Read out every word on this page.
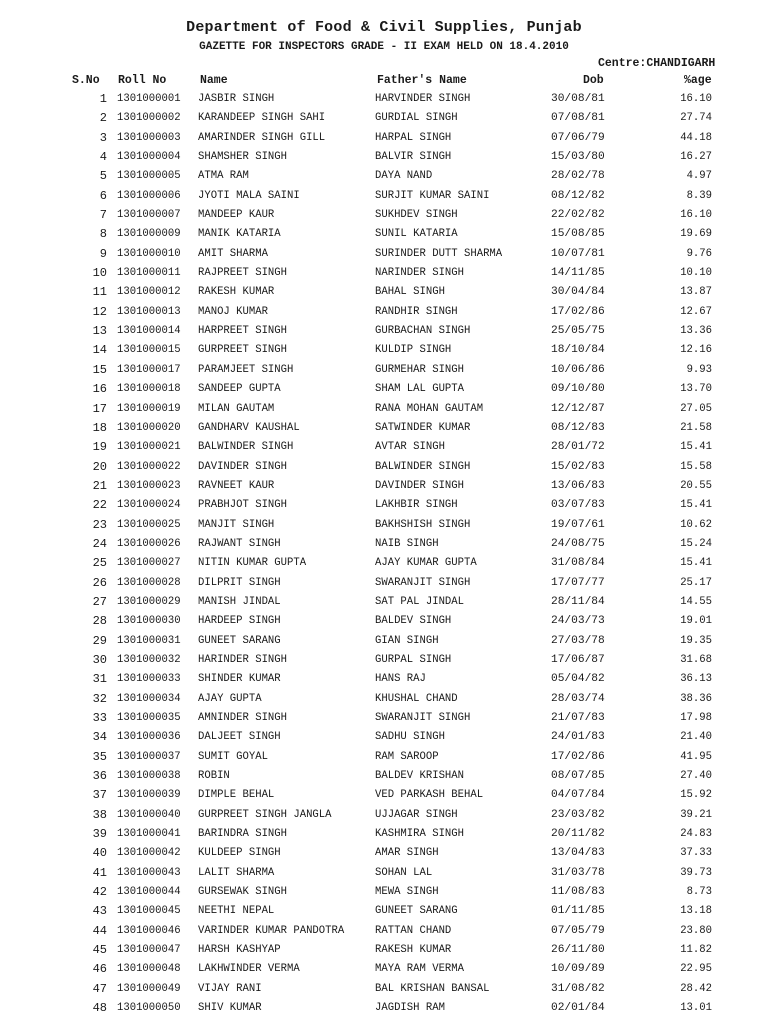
Department of Food & Civil Supplies, Punjab
GAZETTE FOR INSPECTORS GRADE - II EXAM HELD ON 18.4.2010
Centre:CHANDIGARH
S.No Roll No	Name	Father's Name	Dob	%age
1 1301000001 JASBIR SINGH	HARVINDER SINGH	30/08/81	16.10
2 1301000002 KARANDEEP SINGH SAHI	GURDIAL SINGH	07/08/81	27.74
3 1301000003 AMARINDER SINGH GILL	HARPAL SINGH	07/06/79	44.18
4 1301000004 SHAMSHER SINGH	BALVIR SINGH	15/03/80	16.27
5 1301000005 ATMA RAM	DAYA NAND	28/02/78	4.97
6 1301000006 JYOTI MALA SAINI	SURJIT KUMAR SAINI	08/12/82	8.39
7 1301000007 MANDEEP KAUR	SUKHDEV SINGH	22/02/82	16.10
8 1301000009 MANIK KATARIA	SUNIL KATARIA	15/08/85	19.69
9 1301000010 AMIT SHARMA	SURINDER DUTT SHARMA	10/07/81	9.76
10 1301000011 RAJPREET SINGH	NARINDER SINGH	14/11/85	10.10
11 1301000012 RAKESH KUMAR	BAHAL SINGH	30/04/84	13.87
12 1301000013 MANOJ KUMAR	RANDHIR SINGH	17/02/86	12.67
13 1301000014 HARPREET SINGH	GURBACHAN SINGH	25/05/75	13.36
14 1301000015 GURPREET SINGH	KULDIP SINGH	18/10/84	12.16
15 1301000017 PARAMJEET SINGH	GURMEHAR SINGH	10/06/86	9.93
16 1301000018 SANDEEP GUPTA	SHAM LAL GUPTA	09/10/80	13.70
17 1301000019 MILAN GAUTAM	RANA MOHAN GAUTAM	12/12/87	27.05
18 1301000020 GANDHARV KAUSHAL	SATWINDER KUMAR	08/12/83	21.58
19 1301000021 BALWINDER SINGH	AVTAR SINGH	28/01/72	15.41
20 1301000022 DAVINDER SINGH	BALWINDER SINGH	15/02/83	15.58
21 1301000023 RAVNEET KAUR	DAVINDER SINGH	13/06/83	20.55
22 1301000024 PRABHJOT SINGH	LAKHBIR SINGH	03/07/83	15.41
23 1301000025 MANJIT SINGH	BAKHSHISH SINGH	19/07/61	10.62
24 1301000026 RAJWANT SINGH	NAIB SINGH	24/08/75	15.24
25 1301000027 NITIN KUMAR GUPTA	AJAY KUMAR GUPTA	31/08/84	15.41
26 1301000028 DILPRIT SINGH	SWARANJIT SINGH	17/07/77	25.17
27 1301000029 MANISH JINDAL	SAT PAL JINDAL	28/11/84	14.55
28 1301000030 HARDEEP SINGH	BALDEV SINGH	24/03/73	19.01
29 1301000031 GUNEET SARANG	GIAN SINGH	27/03/78	19.35
30 1301000032 HARINDER SINGH	GURPAL SINGH	17/06/87	31.68
31 1301000033 SHINDER KUMAR	HANS RAJ	05/04/82	36.13
32 1301000034 AJAY GUPTA	KHUSHAL CHAND	28/03/74	38.36
33 1301000035 AMNINDER SINGH	SWARANJIT SINGH	21/07/83	17.98
34 1301000036 DALJEET SINGH	SADHU SINGH	24/01/83	21.40
35 1301000037 SUMIT GOYAL	RAM SAROOP	17/02/86	41.95
36 1301000038 ROBIN	BALDEV KRISHAN	08/07/85	27.40
37 1301000039 DIMPLE BEHAL	VED PARKASH BEHAL	04/07/84	15.92
38 1301000040 GURPREET SINGH JANGLA	UJJAGAR SINGH	23/03/82	39.21
39 1301000041 BARINDRA SINGH	KASHMIRA SINGH	20/11/82	24.83
40 1301000042 KULDEEP SINGH	AMAR SINGH	13/04/83	37.33
41 1301000043 LALIT SHARMA	SOHAN LAL	31/03/78	39.73
42 1301000044 GURSEWAK SINGH	MEWA SINGH	11/08/83	8.73
43 1301000045 NEETHI NEPAL	GUNEET SARANG	01/11/85	13.18
44 1301000046 VARINDER KUMAR PANDOTRA	RATTAN CHAND	07/05/79	23.80
45 1301000047 HARSH KASHYAP	RAKESH KUMAR	26/11/80	11.82
46 1301000048 LAKHWINDER VERMA	MAYA RAM VERMA	10/09/89	22.95
47 1301000049 VIJAY RANI	BAL KRISHAN BANSAL	31/08/82	28.42
48 1301000050 SHIV KUMAR	JAGDISH RAM	02/01/84	13.01
